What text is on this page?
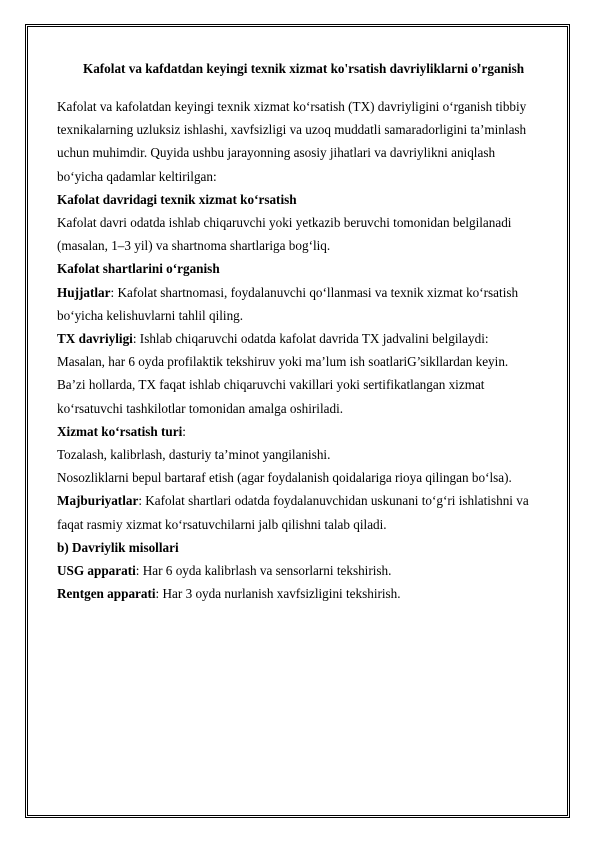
Kafolat va kafdatdan keyingi texnik xizmat ko'rsatish davriyliklarni o'rganish

Kafolat va kafolatdan keyingi texnik xizmat ko‘rsatish (TX) davriyligini o‘rganish tibbiy texnikalarning uzluksiz ishlashi, xavfsizligi va uzoq muddatli samaradorligini ta’minlash uchun muhimdir. Quyida ushbu jarayonning asosiy jihatlari va davriylikni aniqlash bo‘yicha qadamlar keltirilgan:

Kafolat davridagi texnik xizmat ko‘rsatish

Kafolat davri odatda ishlab chiqaruvchi yoki yetkazib beruvchi tomonidan belgilanadi (masalan, 1–3 yil) va shartnoma shartlariga bog‘liq.

Kafolat shartlarini o‘rganish

Hujjatlar: Kafolat shartnomasi, foydalanuvchi qo‘llanmasi va texnik xizmat ko‘rsatish bo‘yicha kelishuvlarni tahlil qiling.

TX davriyligi: Ishlab chiqaruvchi odatda kafolat davrida TX jadvalini belgilaydi:

Masalan, har 6 oyda profilaktik tekshiruv yoki ma’lum ish soatlariG’sikllardan keyin.

Ba’zi hollarda, TX faqat ishlab chiqaruvchi vakillari yoki sertifikatlangan xizmat ko‘rsatuvchi tashkilotlar tomonidan amalga oshiriladi.

Xizmat ko‘rsatish turi:

Tozalash, kalibrlash, dasturiy ta’minot yangilanishi.

Nosozliklarni bepul bartaraf etish (agar foydalanish qoidalariga rioya qilingan bo‘lsa).

Majburiyatlar: Kafolat shartlari odatda foydalanuvchidan uskunani to‘g‘ri ishlatishni va faqat rasmiy xizmat ko‘rsatuvchilarni jalb qilishni talab qiladi.

b) Davriylik misollari

USG apparati: Har 6 oyda kalibrlash va sensorlarni tekshirish.

Rentgen apparati: Har 3 oyda nurlanish xavfsizligini tekshirish.
